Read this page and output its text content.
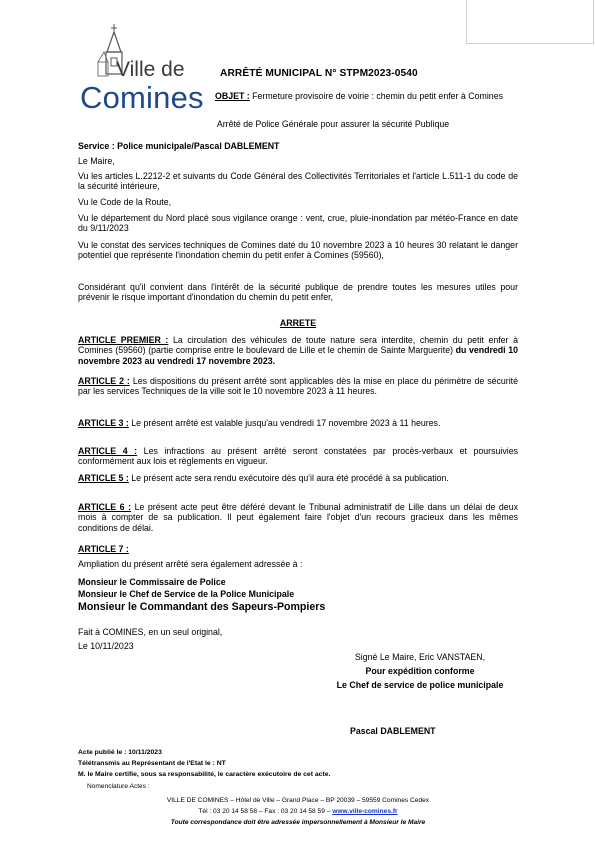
Ville de
Comines
ARRÊTÉ MUNICIPAL N° STPM2023-0540
OBJET : Fermeture provisoire de voirie : chemin du petit enfer à Comines
Arrêté de Police Générale pour assurer la sécurité Publique
Service : Police municipale/Pascal DABLEMENT
Le Maire,
Vu les articles L.2212-2 et suivants du Code Général des Collectivités Territoriales et l'article L.511-1 du code de la sécurité intérieure,
Vu le Code de la Route,
Vu le département du Nord placé sous vigilance orange : vent, crue, pluie-inondation par météo-France en date du 9/11/2023
Vu le constat des services techniques de Comines daté du 10 novembre 2023 à 10 heures 30 relatant le danger potentiel que représente l'inondation chemin du petit enfer à Comines (59560),
Considérant qu'il convient dans l'intérêt de la sécurité publique de prendre toutes les mesures utiles pour prévenir le risque important d'inondation du chemin du petit enfer,
ARRETE
ARTICLE PREMIER : La circulation des véhicules de toute nature sera interdite, chemin du petit enfer à Comines (59560) (partie comprise entre le boulevard de Lille et le chemin de Sainte Marguerite) du vendredi 10 novembre 2023 au vendredi 17 novembre 2023.
ARTICLE 2 : Les dispositions du présent arrêté sont applicables dès la mise en place du périmètre de sécurité par les services Techniques de la ville soit le 10 novembre 2023 à 11 heures.
ARTICLE 3 : Le présent arrêté est valable jusqu'au vendredi 17 novembre 2023 à 11 heures.
ARTICLE 4 : Les infractions au présent arrêté seront constatées par procès-verbaux et poursuivies conformément aux lois et règlements en vigueur.
ARTICLE 5 : Le présent acte sera rendu exécutoire dès qu'il aura été procédé à sa publication.
ARTICLE 6 : Le présent acte peut être déféré devant le Tribunal administratif de Lille dans un délai de deux mois à compter de sa publication. Il peut également faire l'objet d'un recours gracieux dans les mêmes conditions de délai.
ARTICLE 7 :
Ampliation du présent arrêté sera également adressée à :
Monsieur le Commissaire de Police
Monsieur le Chef de Service de la Police Municipale
Monsieur le Commandant des Sapeurs-Pompiers
Fait à COMINES, en un seul original,
Le 10/11/2023
Signé Le Maire, Eric VANSTAEN,
Pour expédition conforme
Le Chef de service de police municipale
Pascal DABLEMENT
Acte publié le : 10/11/2023
Télétransmis au Représentant de l'Etat le : NT
M. le Maire certifie, sous sa responsabilité, le caractère exécutoire de cet acte.
Nomenclature Actes :
VILLE DE COMINES – Hôtel de Ville – Grand Place – BP 20039 – 59559 Comines Cedex
Tél : 03 20 14 58 58 – Fax : 03 20 14 58 59 – www.ville-comines.fr
Toute correspondance doit être adressée impersonnellement à Monsieur le Maire
